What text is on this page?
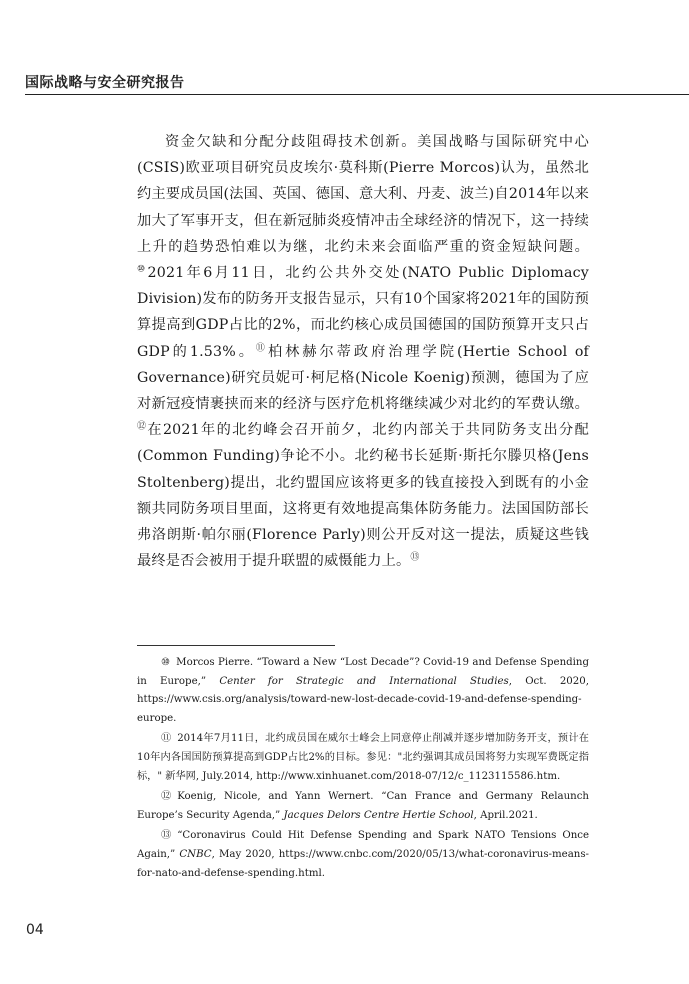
国际战略与安全研究报告

资金欠缺和分配分歧阻碍技术创新。美国战略与国际研究中心(CSIS)欧亚项目研究员皮埃尔·莫科斯(Pierre Morcos)认为，虽然北约主要成员国(法国、英国、德国、意大利、丹麦、波兰)自2014年以来加大了军事开支，但在新冠肺炎疫情冲击全球经济的情况下，这一持续上升的趋势恐怕难以为继，北约未来会面临严重的资金短缺问题。⑩2021年6月11日，北约公共外交处(NATO Public Diplomacy Division)发布的防务开支报告显示，只有10个国家将2021年的国防预算提高到GDP占比的2%，而北约核心成员国德国的国防预算开支只占GDP的1.53%。⑪柏林赫尔蒂政府治理学院(Hertie School of Governance)研究员妮可·柯尼格(Nicole Koenig)预测，德国为了应对新冠疫情裹挟而来的经济与医疗危机将继续减少对北约的军费认缴。⑫在2021年的北约峰会召开前夕，北约内部关于共同防务支出分配(Common Funding)争论不小。北约秘书长延斯·斯托尔滕贝格(Jens Stoltenberg)提出，北约盟国应该将更多的钱直接投入到既有的小金额共同防务项目里面，这将更有效地提高集体防务能力。法国国防部长弗洛朗斯·帕尔丽(Florence Parly)则公开反对这一提法，质疑这些钱最终是否会被用于提升联盟的威慑能力上。⑬

⑩ Morcos Pierre. “Toward a New “Lost Decade”? Covid-19 and Defense Spending in Europe,” Center for Strategic and International Studies, Oct. 2020, https://www.csis.org/analysis/toward-new-lost-decade-covid-19-and-defense-spending-europe.

⑪ 2014年7月11日，北约成员国在威尔士峰会上同意停止削减并逐步增加防务开支，预计在10年内各国国防预算提高到GDP占比2%的目标。参见："北约强调其成员国将努力实现军费既定指标，" 新华网, July.2014, http://www.xinhuanet.com/2018-07/12/c_1123115586.htm.

⑫ Koenig, Nicole, and Yann Wernert. “Can France and Germany Relaunch Europe’s Security Agenda,” Jacques Delors Centre Hertie School, April.2021.

⑬ “Coronavirus Could Hit Defense Spending and Spark NATO Tensions Once Again,” CNBC, May 2020, https://www.cnbc.com/2020/05/13/what-coronavirus-means-for-nato-and-defense-spending.html.

04
